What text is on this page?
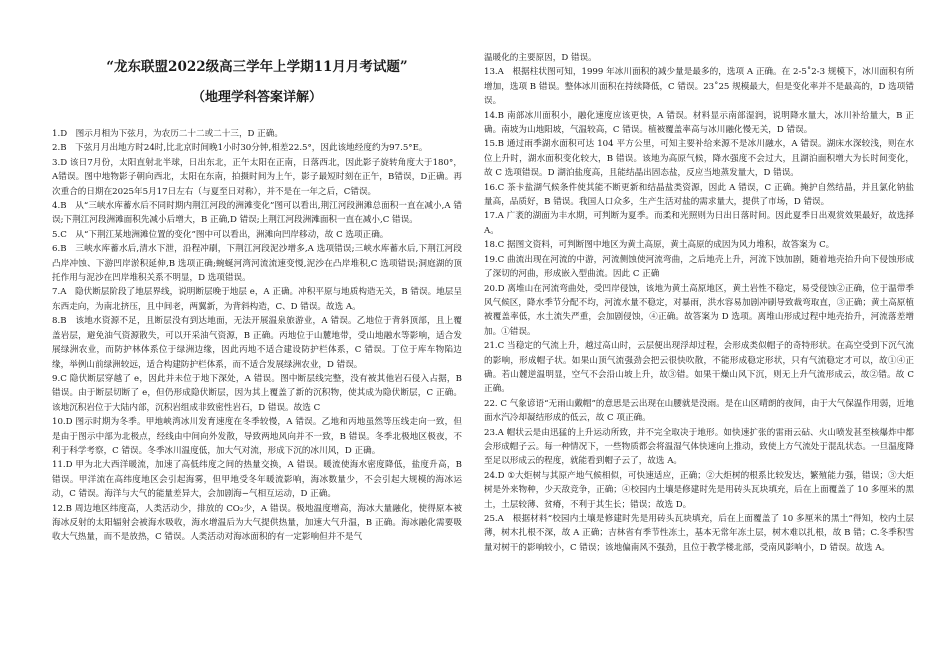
“龙东联盟2022级高三学年上学期11月月考试题”
（地理学科答案详解）

1.D　图示月相为下弦月，为农历二十二或二十三，D 正确。

2.B　下弦月月出地方时24时,比北京时间晚1小时30分钟,相差22.5°，因此该地经度约为97.5°E。

3.D 该日7月份，太阳直射北半球，日出东北，正午太阳在正南，日落西北，因此影子旋转角度大于180°，A错误。图中地物影子朝向西北，太阳在东南，拍摄时间为上午，影子最短时刻在正午，B错误，D正确。再次重合的日期在2025年5月17日左右（与夏至日对称），并不是在一年之后，C错误。

4.B　从“三峡水库蓄水后不同时期内荆江河段的洲滩变化”图可以看出,荆江河段洲滩总面积一直在减小,A 错误;下荆江河段洲滩面积先减小后增大，B 正确,D 错误;上荆江河段洲滩面积一直在减小,C 错误。

5.C　从“下荆江某地洲滩位置的变化”图中可以看出，洲滩向凹岸移动，故 C 选项正确。

6.B　三峡水库蓄水后,清水下泄，沿程冲刷，下荆江河段泥沙增多,A 选项错误;三峡水库蓄水后,下荆江河段凸岸冲蚀、下游凹岸淤积延伸,B 选项正确;蜿蜒河湾河流流速变慢,泥沙在凸岸堆积,C 选项错误;洞庭湖的顶托作用与泥沙在凹岸堆积关系不明显，D 选项错误。

7.A　隐伏断层阶段了地层界线，说明断层晚于地层 e，A 正确。冲积平原与地质构造无关，B 错误。地层呈东西走向，为南北挤压，且中间老，两翼新，为背斜构造，C、D 错误。故选 A。

8.B　该地水资源不足，且断层没有到达地面，无法开展温泉旅游业，A 错误。乙地位于背斜顶部，且上覆盖岩层，避免油气资源散失，可以开采油气资源，B 正确。丙地位于山麓地带，受山地融水等影响，适合发展绿洲农业，而防护林体系位于绿洲边缘，因此丙地不适合建设防护栏体系，C 错误。丁位于库车物陷边缘，举例山前绿洲较远，适合构建防护栏体系，而不适合发展绿洲农业，D 错误。

9.C 隐伏断层穿越了 e，因此并未位于地下深处，A 错误。图中断层线完整，没有被其他岩石侵入占据，B 错误。由于断层切断了 e，但仍形成隐伏断层，因为其上覆盖了新的沉积物，使其成为隐伏断层，C 正确。该地沉积岩位于大陆内部，沉积岩组成非致密性岩石，D 错误。故选 C

10.D 图示时期为冬季。甲地峡湾冰川发育速度在冬季较慢，A 错误。乙地和丙地虽然等压线走向一致，但是由于图示中部为北极点，经线由中间向外发散，导致两地风向并不一致，B 错误。冬季北极地区极夜，不利于科学考察，C 错误。冬季冰川温度低，加大气对流，形成下沉的冰川风，D 正确。

11.D 甲为北大西洋暖流，加速了高低纬度之间的热量交换，A 错误。暖流使海水密度降低，盐度升高，B 错误。甲洋流在高纬度地区会引起海雾，但甲地受冬年暖流影响，海冰数量少，不会引起大规模的海冰运动，C 错误。海洋与大气的能量差异大，会加剧海−气相互运动，D 正确。

12.B 周边地区纬度高，人类活动少，排放的 CO₂少，A 错误。极地温度增高，海冰大量融化，使得原本被海冰反射的太阳辐射会被海水吸收，海水增温后为大气提供热量，加速大气升温，B 正确。海冰融化需要吸收大气热量，而不是放热，C 错误。人类活动对海冰面积的有一定影响但并不是气

温暖化的主要原因，D 错误。

13.A　根据柱状图可知，1999 年冰川面积的减少量是最多的，选项 A 正确。在 2-5˚2-3 规模下，冰川面积有所增加，选项 B 错误。整体冰川面积在持续降低，C 错误。23˚25 规模最大，但是变化率并不是最高的，D 选项错误。

14.B 南部冰川面积小，融化速度应该更快，A 错误。材料显示南部湿润，说明降水量大，冰川补给量大，B 正确。南坡为山地阳坡，气温较高，C 错误。植被覆盖率高与冰川融化慢无关，D 错误。

15.B 通过雨季湖水面积可达 104 平方公里，可知主要补给来源不是冰川融水，A 错误。湖床水深较浅，则在水位上升时，湖水面积变化较大，B 错误。该地为高原气候，降水强度不会过大，且湖泊面积增大为长时间变化，故 C 选项错误。D 湖泊盐度高，且能结晶出固态盐，反应当地蒸发量大，D 错误。

16.C 茶卡盐湖气候条件使其能不断更新和结晶盐类资源，因此 A 错误，C 正确。掩护自然结晶，并且氯化钠盐量高，品质好，B 错误。我国人口众多，生产生活对盐的需求量大，提供了市场，D 错误。

17.A 广袤的湖面为丰水期，可判断为夏季。而柔和光照则为日出日落时间。因此夏季日出观赏效果最好，故选择 A。

18.C 据图文资料，可判断图中地区为黄土高原，黄土高原的成因为风力堆积，故答案为 C。

19.C 曲流出现在河流的中游，河流侧蚀使河流弯曲，之后地壳上升，河流下蚀加剧，随着地壳抬升向下侵蚀形成了深切的河曲，形成嵌入型曲流。因此 C 正确

20.D 离堆山在河流弯曲处，受凹岸侵蚀，该地为黄土高原地区，黄土岩性不稳定，易受侵蚀②正确，位于温带季风气候区，降水季节分配不均，河流水量不稳定，对暴雨，洪水容易加剧冲刷导致裁弯取直，③正确；黄土高原植被覆盖率低，水土流失严重，会加剧侵蚀，④正确。故答案为 D 选项。离堆山形成过程中地壳抬升，河流落差增加。①错误。

21.C 当稳定的气流上升，越过高山时，云层便出现浮却过程，会形成类似帽子的奇特形状。在高空受到下沉气流的影响，形成帽子状。如果山顶气流强劲会把云很快吹散，不能形成稳定形状，只有气流稳定才可以，故①④正确。若山麓逆温明显，空气不会沿山坡上升，故③错。如果干燥山风下沉，则无上升气流形成云，故②错。故 C 正确。

22. C 气象谚语“无雨山戴帽”的意思是云出现在山腰就是没雨。是在山区晴朗的夜间，由于大气保温作用弱，近地面水汽冷却凝结形成的低云，故 C 项正确。

23.A 帽状云是由迅猛的上升运动所致，并不完全取决于地形。如快速扩张的雷雨云砧、火山喷发甚至核爆炸中都会形成帽子云。每一种情况下，一些物质都会将温湿气体快速向上推动，致使上方气流处于混乱状态。一旦温度降至足以形成云的程度，就能看到帽子云了，故选 A。

24.D ①大炬树与其原产地气候相似，可快速适应，正确；②大炬树的根系比较发达，繁殖能力强，错误；③大炬树是外来物种，少天敌竞争，正确；④校园内土壤是修建时先是用砖头瓦块填充，后在上面覆盖了 10 多厘米的黑土，土层较薄、贫瘠，不利于其生长；错误；故选 D。

25.A　根据材料“校园内土壤是修建时先是用砖头瓦块填充，后在上面覆盖了 10 多厘米的黑土”得知，校内土层薄，树木扎根不深，故 A 正确；吉林省有季节性冻土，基本无常年冻土层，树木难以扎根，故 B 错；C.冬季积雪量对树干的影响较小，C 错误；该地偏南风不强劲，且位于教学楼北部，受南风影响小，D 错误。故选 A。
